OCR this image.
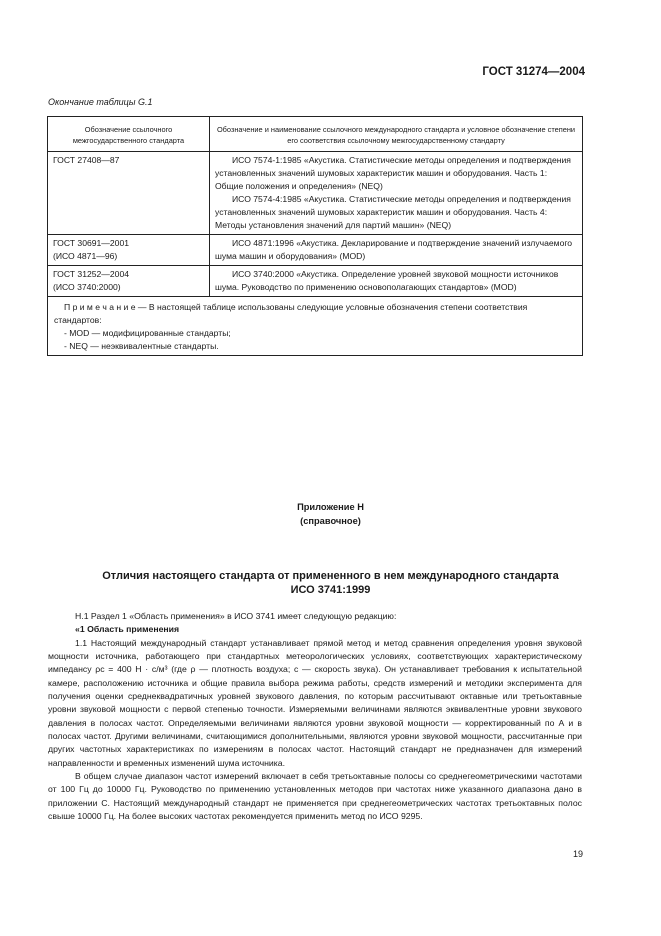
ГОСТ 31274—2004
Окончание таблицы G.1
Обозначение ссылочного межгосударственного стандарта	Обозначение и наименование ссылочного международного стандарта и условное обозначение степени его соответствия ссылочному межгосударственному стандарту

ГОСТ 27408—87	ИСО 7574-1:1985 «Акустика. Статистические методы определения и подтверждения установленных значений шумовых характеристик машин и оборудования. Часть 1: Общие положения и определения» (NEQ)

ИСО 7574-4:1985 «Акустика. Статистические методы определения и подтверждения установленных значений шумовых характеристик машин и оборудования. Часть 4: Методы установления значений для партий машин» (NEQ)

ГОСТ 30691—2001

(ИСО 4871—96)	ИСО 4871:1996 «Акустика. Декларирование и подтверждение значений излучаемого шума машин и оборудования» (MOD)

ГОСТ 31252—2004

(ИСО 3740:2000)	ИСО 3740:2000 «Акустика. Определение уровней звуковой мощности источников шума. Руководство по применению основополагающих стандартов» (MOD)

П р и м е ч а н и е — В настоящей таблице использованы следующие условные обозначения степени соответствия стандартов:

- MOD — модифицированные стандарты;

- NEQ — неэквивалентные стандарты.	

Приложение Н
(справочное)
Отличия настоящего стандарта от примененного в нем международного стандарта
ИСО 3741:1999

Н.1 Раздел 1 «Область применения» в ИСО 3741 имеет следующую редакцию:

«1 Область применения

1.1 Настоящий международный стандарт устанавливает прямой метод и метод сравнения определения уровня звуковой мощности источника, работающего при стандартных метеорологических условиях, соответствующих характеристическому импедансу ρc = 400 Н · с/м³ (где ρ — плотность воздуха; с — скорость звука). Он устанавливает требования к испытательной камере, расположению источника и общие правила выбора режима работы, средств измерений и методики эксперимента для получения оценки среднеквадратичных уровней звукового давления, по которым рассчитывают октавные или третьоктавные уровни звуковой мощности с первой степенью точности. Измеряемыми величинами являются эквивалентные уровни звукового давления в полосах частот. Определяемыми величинами являются уровни звуковой мощности — корректированный по А и в полосах частот. Другими величинами, считающимися дополнительными, являются уровни звуковой мощности, рассчитанные при других частотных характеристиках по измерениям в полосах частот. Настоящий стандарт не предназначен для измерений направленности и временных изменений шума источника.

В общем случае диапазон частот измерений включает в себя третьоктавные полосы со среднегеометрическими частотами от 100 Гц до 10000 Гц. Руководство по применению установленных методов при частотах ниже указанного диапазона дано в приложении С. Настоящий международный стандарт не применяется при среднегеометрических частотах третьоктавных полос свыше 10000 Гц. На более высоких частотах рекомендуется применить метод по ИСО 9295.

19
